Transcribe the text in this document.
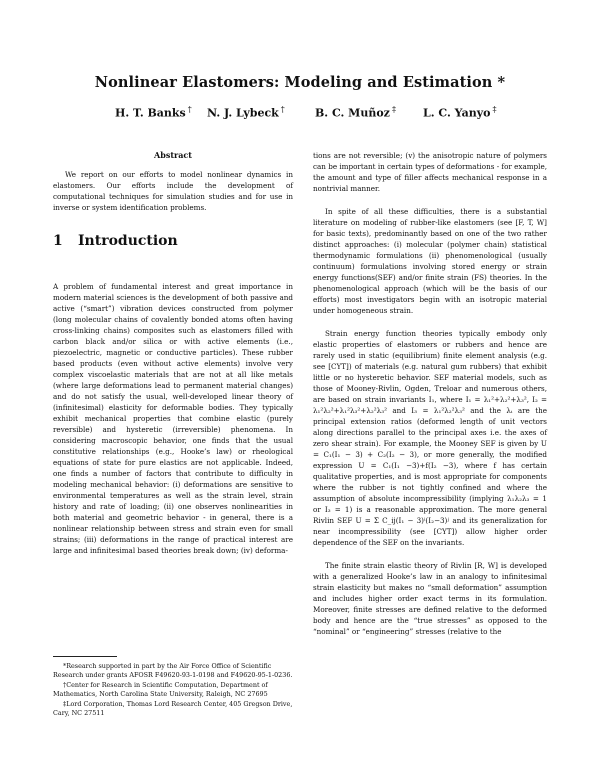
Nonlinear Elastomers: Modeling and Estimation *
H. T. Banks † N. J. Lybeck †	B. C. Muñoz ‡ L. C. Yanyo ‡

Abstract

We report on our efforts to model nonlinear dynamics in elastomers. Our efforts include the development of computational techniques for simulation studies and for use in inverse or system identification problems.

1 Introduction

A problem of fundamental interest and great importance in modern material sciences is the development of both passive and active (“smart”) vibration devices constructed from polymer (long molecular chains of covalently bonded atoms often having cross-linking chains) composites such as elastomers filled with carbon black and/or silica or with active elements (i.e., piezoelectric, magnetic or conductive particles). These rubber based products (even without active elements) involve very complex viscoelastic materials that are not at all like metals (where large deformations lead to permanent material changes) and do not satisfy the usual, well-developed linear theory of (infinitesimal) elasticity for deformable bodies. They typically exhibit mechanical properties that combine elastic (purely reversible) and hysteretic (irreversible) phenomena. In considering macroscopic behavior, one finds that the usual constitutive relationships (e.g., Hooke’s law) or rheological equations of state for pure elastics are not applicable. Indeed, one finds a number of factors that contribute to difficulty in modeling mechanical behavior: (i) deformations are sensitive to environmental temperatures as well as the strain level, strain history and rate of loading; (ii) one observes nonlinearities in both material and geometric behavior - in general, there is a nonlinear relationship between stress and strain even for small strains; (iii) deformations in the range of practical interest are large and infinitesimal based theories break down; (iv) deforma-

tions are not reversible; (v) the anisotropic nature of polymers can be important in certain types of deformations - for example, the amount and type of filler affects mechanical response in a nontrivial manner.

In spite of all these difficulties, there is a substantial literature on modeling of rubber-like elastomers (see [F, T, W] for basic texts), predominantly based on one of the two rather distinct approaches: (i) molecular (polymer chain) statistical thermodynamic formulations (ii) phenomenological (usually continuum) formulations involving stored energy or strain energy functions(SEF) and/or finite strain (FS) theories. In the phenomenological approach (which will be the basis of our efforts) most investigators begin with an isotropic material under homogeneous strain.

Strain energy function theories typically embody only elastic properties of elastomers or rubbers and hence are rarely used in static (equilibrium) finite element analysis (e.g. see [CYT]) of materials (e.g. natural gum rubbers) that exhibit little or no hysteretic behavior. SEF material models, such as those of Mooney-Rivlin, Ogden, Treloar and numerous others, are based on strain invariants I₁, where I₁ = λ₁²+λ₂²+λ₃², I₂ = λ₁²λ₂²+λ₁²λ₃²+λ₂²λ₃² and I₃ = λ₁²λ₂²λ₃² and the λᵢ are the principal extension ratios (deformed length of unit vectors along directions parallel to the principal axes i.e. the axes of zero shear strain). For example, the Mooney SEF is given by U = C₁(I₁ − 3) + C₂(I₂ − 3), or more generally, the modified expression U = C₁(I₁ −3)+f(I₂ −3), where f has certain qualitative properties, and is most appropriate for components where the rubber is not tightly confined and where the assumption of absolute incompressibility (implying λ₁λ₂λ₃ = 1 or I₃ = 1) is a reasonable approximation. The more general Rivlin SEF U = Σ C_ij(I₁ − 3)ⁱ(I₂−3)ʲ and its generalization for near incompressibility (see [CYT]) allow higher order dependence of the SEF on the invariants.

The finite strain elastic theory of Rivlin [R, W] is developed with a generalized Hooke’s law in an analogy to infinitesimal strain elasticity but makes no “small deformation” assumption and includes higher order exact terms in its formulation. Moreover, finite stresses are defined relative to the deformed body and hence are the “true stresses” as opposed to the “nominal” or “engineering” stresses (relative to the

*Research supported in part by the Air Force Office of Scientific Research under grants AFOSR F49620-93-1-0198 and F49620-95-1-0236.

†Center for Research in Scientific Computation, Department of Mathematics, North Carolina State University, Raleigh, NC 27695

‡Lord Corporation, Thomas Lord Research Center, 405 Gregson Drive, Cary, NC 27511
